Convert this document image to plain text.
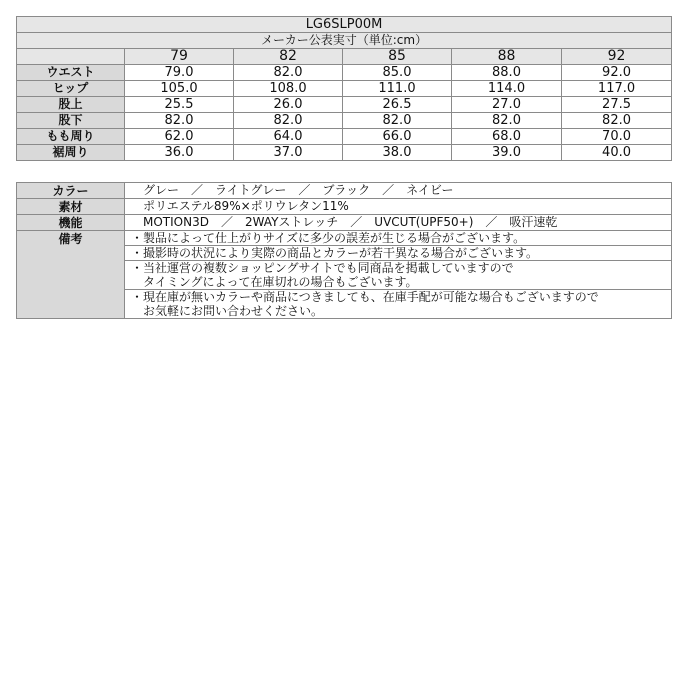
LG6SLP00M					
メーカー公表実寸（単位:cm）					
	79	82	85	88	92
ウエスト	79.0	82.0	85.0	88.0	92.0
ヒップ	105.0	108.0	111.0	114.0	117.0
股上	25.5	26.0	26.5	27.0	27.5
股下	82.0	82.0	82.0	82.0	82.0
もも周り	62.0	64.0	66.0	68.0	70.0
裾周り	36.0	37.0	38.0	39.0	40.0
カラー	グレー　／　ライトグレー　／　ブラック　／　ネイビー
素材	ポリエステル89%×ポリウレタン11%
機能	MOTION3D　／　2WAYストレッチ　／　UVCUT(UPF50+)　／　吸汗速乾
備考	・製品によって仕上がりサイズに多少の誤差が生じる場合がございます。

	・撮影時の状況により実際の商品とカラーが若干異なる場合がございます。

	・当社運営の複数ショッピングサイトでも同商品を掲載していますので
　タイミングによって在庫切れの場合もございます。

	・現在庫が無いカラーや商品につきましても、在庫手配が可能な場合もございますので
　お気軽にお問い合わせください。
